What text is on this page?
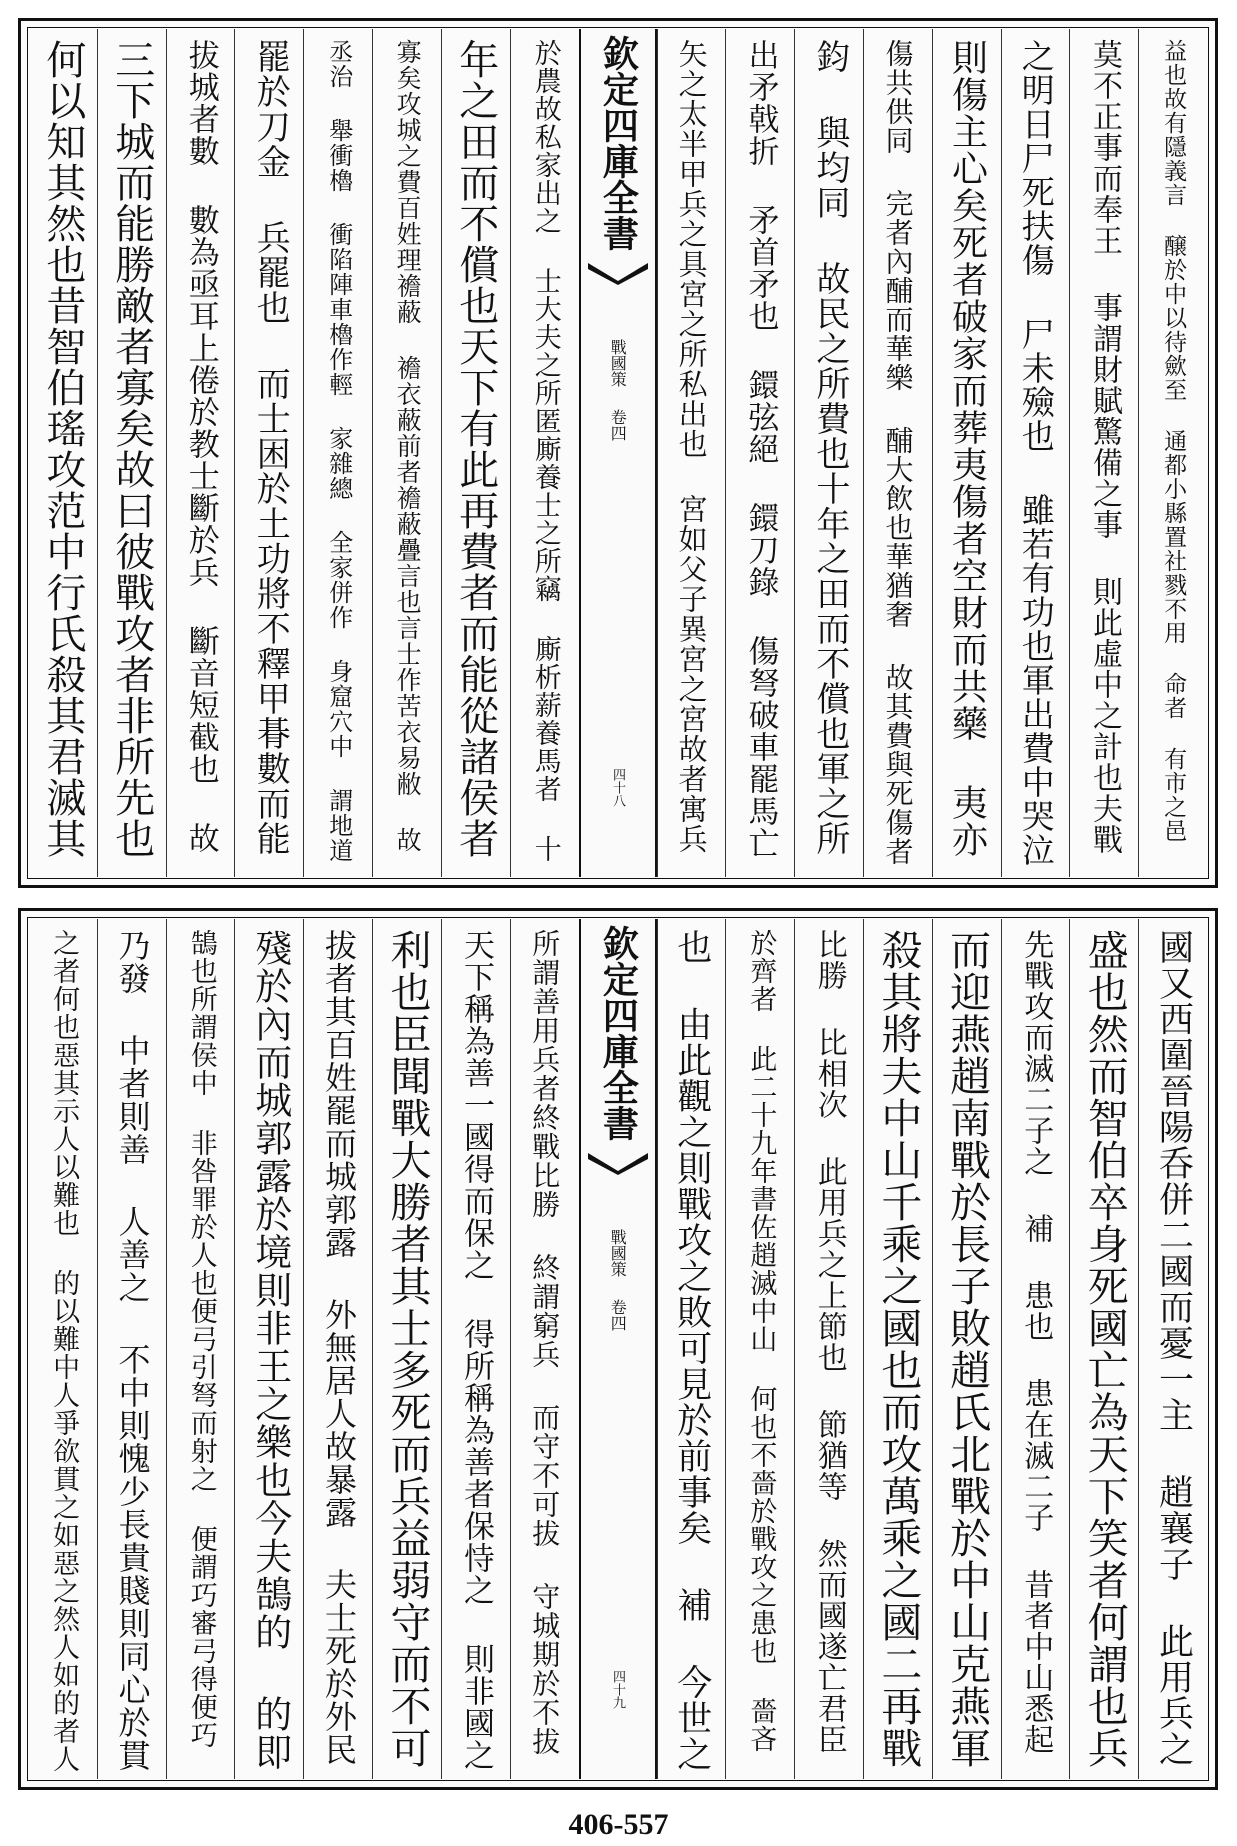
益也故有隱義言 醸於中以待歛至 通都小縣置社戮不用 命者 有市之邑
莫不正事而奉王 事謂財賦驚備之事 則此虛中之計也夫戰
之明日尸死扶傷 尸未殮也 雖若有功也軍出費中哭泣
則傷主心矣死者破家而葬夷傷者空財而共藥 夷亦
傷共供同 完者內酺而華樂 酺大飲也華猶奢 故其費與死傷者
鈞 與均同 故民之所費也十年之田而不償也軍之所
出矛戟折 矛首矛也 鐶弦絕 鐶刀錄 傷弩破車罷馬亡
矢之太半甲兵之具宮之所私出也 宮如父子異宮之宮故者寓兵
欽定四庫全書
戰國策
卷四
四十八
於農故私家出之 士大夫之所匿廝養士之所竊 廝析薪養馬者 十
年之田而不償也天下有此再費者而能從諸侯者
寡矣攻城之費百姓理襜蔽 襜衣蔽前者襜蔽疊言也言士作苦衣易敝 故
丞治 舉衝櫓 衝陷陣車櫓作輕 家雜總 全家併作 身窟穴中 謂地道
罷於刀金 兵罷也 而士困於土功將不釋甲朞數而能
拔城者數 數為亟耳上倦於教士斷於兵 斷音短截也 故
三下城而能勝敵者寡矣故曰彼戰攻者非所先也
何以知其然也昔智伯瑤攻范中行氏殺其君滅其
國又西圍晉陽呑併二國而憂一主 趙襄子 此用兵之
盛也然而智伯卒身死國亡為天下笑者何謂也兵
先戰攻而滅二子之 補 患也 患在滅二子 昔者中山悉起
而迎燕趙南戰於長子敗趙氏北戰於中山克燕軍
殺其將夫中山千乘之國也而攻萬乘之國二再戰
比勝 比相次 此用兵之上節也 節猶等 然而國遂亡君臣
於齊者 此二十九年書佐趙滅中山 何也不嗇於戰攻之患也 嗇吝
也 由此觀之則戰攻之敗可見於前事矣 補 今世之
欽定四庫全書
戰國策
卷四
四十九
所謂善用兵者終戰比勝 終謂窮兵 而守不可拔 守城期於不拔
天下稱為善一國得而保之 得所稱為善者保恃之 則非國之
利也臣聞戰大勝者其士多死而兵益弱守而不可
拔者其百姓罷而城郭露 外無居人故暴露 夫士死於外民
殘於內而城郭露於境則非王之樂也今夫鵠的 的即
鵠也所謂侯中 非咎罪於人也便弓引弩而射之 便謂巧審弓得便巧
乃發 中者則善 人善之 不中則愧少長貴賤則同心於貫
之者何也惡其示人以難也 的以難中人爭欲貫之如惡之然人如的者人
406-557
